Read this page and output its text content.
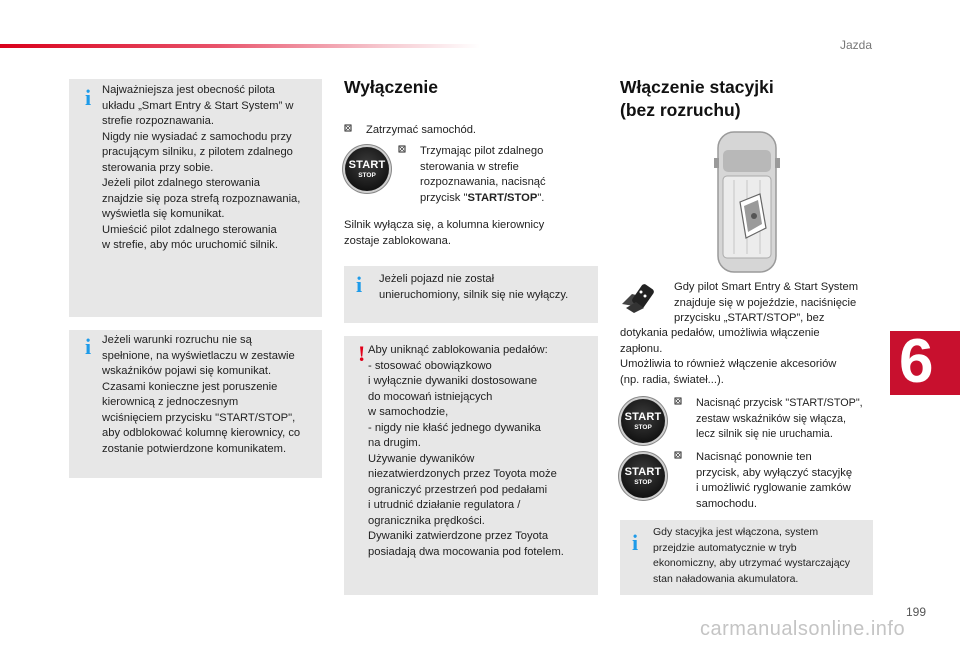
Jazda
6
i Najważniejsza jest obecność pilota
układu „Smart Entry & Start System” w
strefie rozpoznawania.
Nigdy nie wysiadać z samochodu przy
pracującym silniku, z pilotem zdalnego
sterowania przy sobie.
Jeżeli pilot zdalnego sterowania
znajdzie się poza strefą rozpoznawania,
wyświetla się komunikat.
Umieścić pilot zdalnego sterowania
w strefie, aby móc uruchomić silnik.
i Jeżeli warunki rozruchu nie są
spełnione, na wyświetlaczu w zestawie
wskaźników pojawi się komunikat.
Czasami konieczne jest poruszenie
kierownicą z jednoczesnym
wciśnięciem przycisku "START/STOP",
aby odblokować kolumnę kierownicy, co
zostanie potwierdzone komunikatem.
Wyłączenie
Zatrzymać samochód.
START
STOP
Trzymając pilot zdalnego
sterowania w strefie
rozpoznawania, nacisnąć
przycisk "START/STOP".
Silnik wyłącza się, a kolumna kierownicy
zostaje zablokowana.
i Jeżeli pojazd nie został
unieruchomiony, silnik się nie wyłączy.
! Aby uniknąć zablokowania pedałów:
- stosować obowiązkowo
i wyłącznie dywaniki dostosowane
do mocowań istniejących
w samochodzie,
- nigdy nie kłaść jednego dywanika
na drugim.
Używanie dywaników
niezatwierdzonych przez Toyota może
ograniczyć przestrzeń pod pedałami
i utrudnić działanie regulatora /
ogranicznika prędkości.
Dywaniki zatwierdzone przez Toyota
posiadają dwa mocowania pod fotelem.
Włączenie stacyjki
(bez rozruchu)
Gdy pilot Smart Entry & Start System
znajduje się w pojeździe, naciśnięcie
przycisku „START/STOP”, bez
dotykania pedałów, umożliwia włączenie
zapłonu.
Umożliwia to również włączenie akcesoriów
(np. radia, świateł...).
START
STOP
Nacisnąć przycisk "START/STOP",
zestaw wskaźników się włącza,
lecz silnik się nie uruchamia.
START
STOP
Nacisnąć ponownie ten
przycisk, aby wyłączyć stacyjkę
i umożliwić ryglowanie zamków
samochodu.
i Gdy stacyjka jest włączona, system
przejdzie automatycznie w tryb
ekonomiczny, aby utrzymać wystarczający
stan naładowania akumulatora.
199
carmanualsonline.info
